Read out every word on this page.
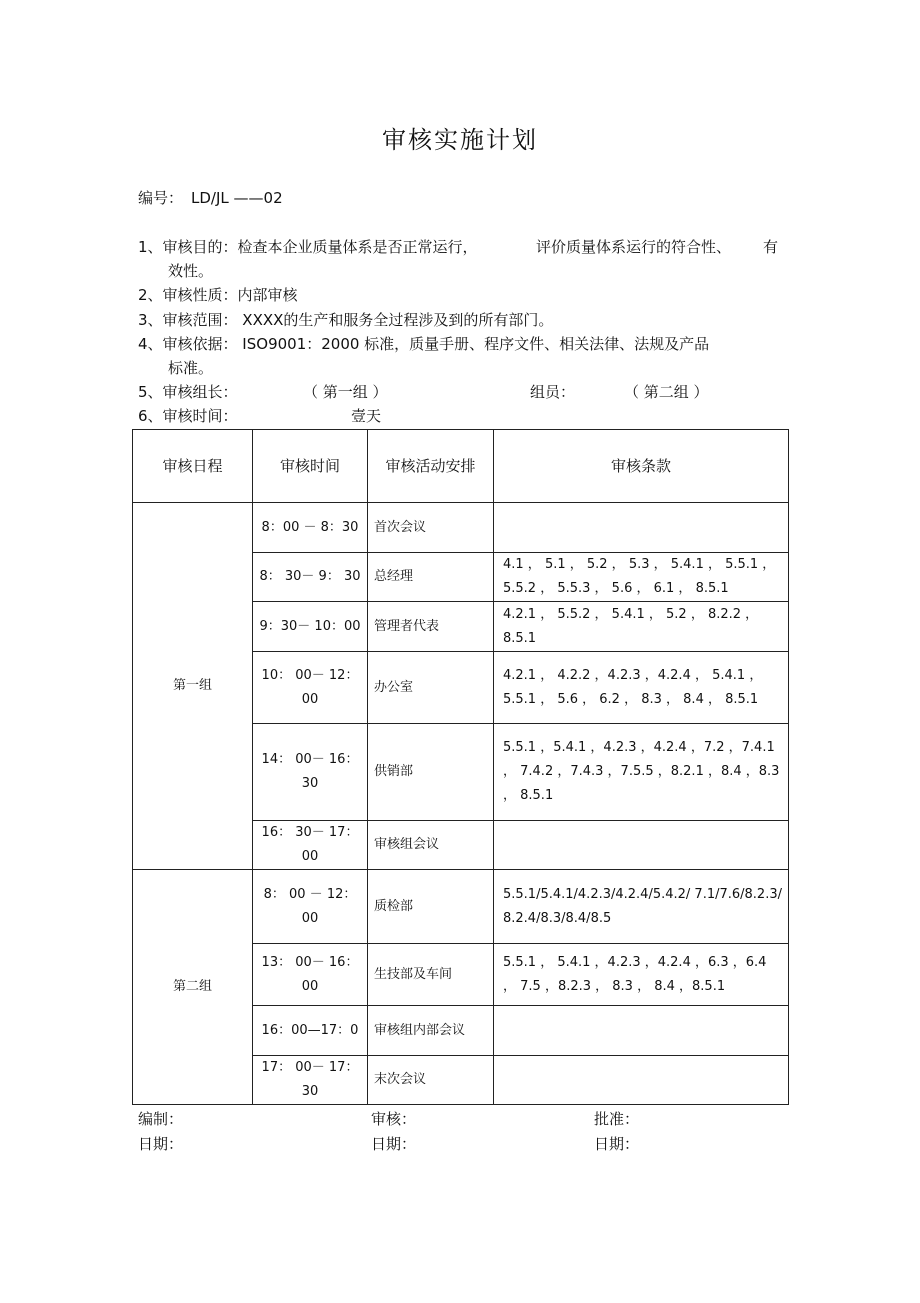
审核实施计划
编号： LD/JL ——02
1、审核目的：检查本企业质量体系是否正常运行，	评价质量体系运行的符合性、 有
效性。
2、审核性质：内部审核
3、审核范围： XXXX的生产和服务全过程涉及到的所有部门。
4、审核依据： ISO9001：2000 标准，质量手册、程序文件、相关法律、法规及产品
标准。
5、审核组长：	（ 第一组 ）	组员：	（ 第二组 ）
6、审核时间：	壹天
审核日程	审核时间	审核活动安排	审核条款
第一组	8：00 － 8：30	首次会议	
	8： 30－ 9： 30	总经理	4.1 ， 5.1 ， 5.2 ， 5.3 ， 5.4.1 ， 5.5.1 ， 5.5.2 ， 5.5.3 ， 5.6 ， 6.1 ， 8.5.1
	9：30－ 10：00	管理者代表	4.2.1 ， 5.5.2 ， 5.4.1 ， 5.2 ， 8.2.2 ， 8.5.1
	10： 00－ 12：00	办公室	4.2.1 ， 4.2.2 ，4.2.3 ，4.2.4 ， 5.4.1 ， 5.5.1 ， 5.6 ， 6.2 ， 8.3 ， 8.4 ， 8.5.1
	14： 00－ 16：30	供销部	5.5.1 ，5.4.1 ，4.2.3 ，4.2.4 ，7.2 ，7.4.1 ， 7.4.2 ，7.4.3 ，7.5.5 ，8.2.1 ，8.4 ，8.3 ， 8.5.1
	16： 30－ 17：00	审核组会议	
第二组	8： 00 － 12：00	质检部	5.5.1/5.4.1/4.2.3/4.2.4/5.4.2/ 7.1/7.6/8.2.3/ 8.2.4/8.3/8.4/8.5
	13： 00－ 16：00	生技部及车间	5.5.1 ， 5.4.1 ，4.2.3 ，4.2.4 ，6.3 ，6.4 ， 7.5 ，8.2.3 ， 8.3 ， 8.4 ，8.5.1
	16：00—17：0	审核组内部会议	
	17： 00－ 17：30	末次会议	
编制：	审核：	批准：
日期：	日期：	日期：
